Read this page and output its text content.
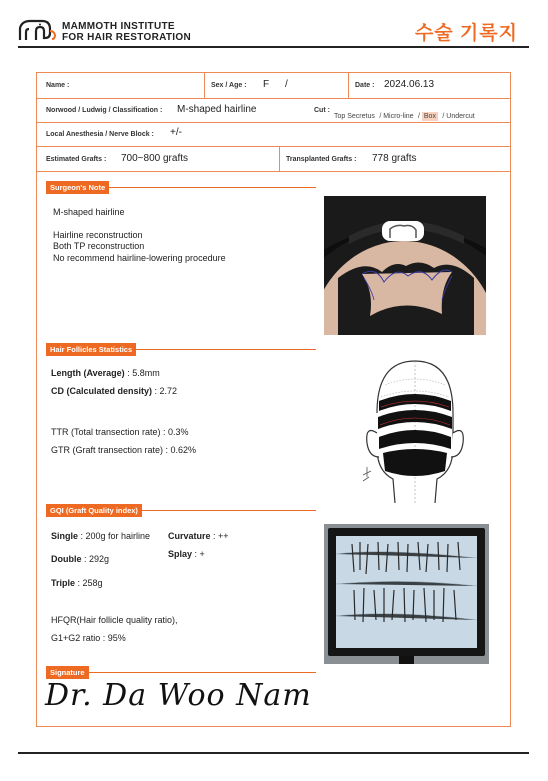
MAMMOTH INSTITUTE
FOR HAIR RESTORATION	수술 기록지
Name :	Sex / Age : F /	Date : 2024.06.13
Norwood / Ludwig / Classification : M-shaped hairline	Cut :
Top Secretus / Micro-line / Box / Undercut
Local Anesthesia / Nerve Block : +/-
Estimated Grafts : 700~800 grafts	Transplanted Grafts : 778 grafts
Surgeon's Note
M-shaped hairline
Hairline reconstruction
Both TP reconstruction
No recommend hairline-lowering procedure
Hair Follicles Statistics
Length (Average) : 5.8mm
CD (Calculated density) : 2.72
TTR (Total transection rate) : 0.3%
GTR (Graft transection rate) : 0.62%
GQI (Graft Quality index)
Single : 200g for hairline Curvature : ++
Double : 292g	Splay : +
Triple : 258g
HFQR(Hair follicle quality ratio),
G1+G2 ratio : 95%
Signature
Dr. Da Woo Nam
